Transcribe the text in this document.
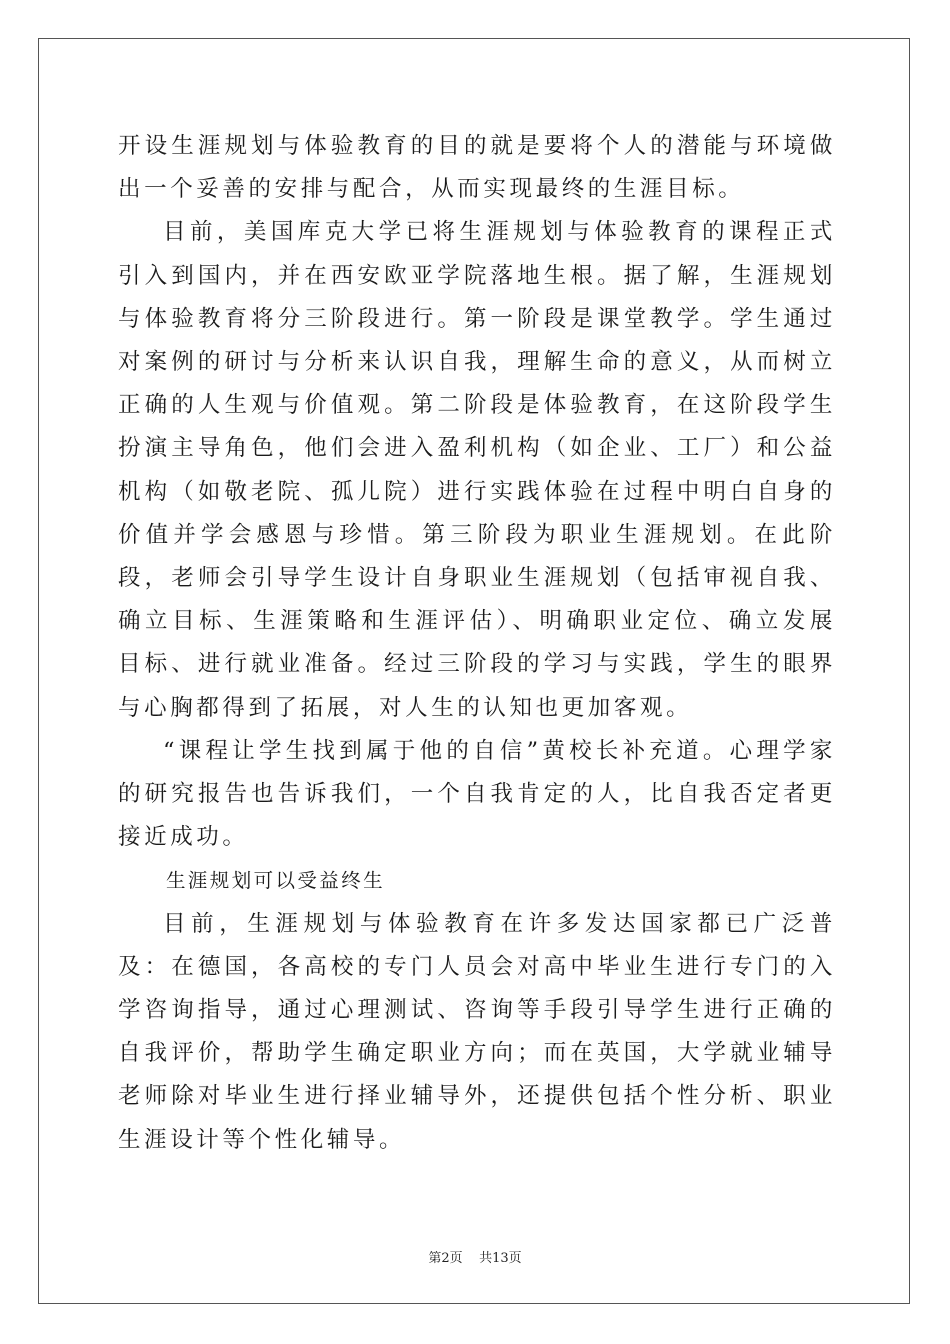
开设生涯规划与体验教育的目的就是要将个人的潜能与环境做出一个妥善的安排与配合，从而实现最终的生涯目标。

目前，美国库克大学已将生涯规划与体验教育的课程正式引入到国内，并在西安欧亚学院落地生根。据了解，生涯规划与体验教育将分三阶段进行。第一阶段是课堂教学。学生通过对案例的研讨与分析来认识自我，理解生命的意义，从而树立正确的人生观与价值观。第二阶段是体验教育，在这阶段学生扮演主导角色，他们会进入盈利机构（如企业、工厂）和公益机构（如敬老院、孤儿院）进行实践体验在过程中明白自身的价值并学会感恩与珍惜。第三阶段为职业生涯规划。在此阶段，老师会引导学生设计自身职业生涯规划（包括审视自我、确立目标、生涯策略和生涯评估）、明确职业定位、确立发展目标、进行就业准备。经过三阶段的学习与实践，学生的眼界与心胸都得到了拓展，对人生的认知也更加客观。

“课程让学生找到属于他的自信”黄校长补充道。心理学家的研究报告也告诉我们，一个自我肯定的人，比自我否定者更接近成功。

生涯规划可以受益终生

目前，生涯规划与体验教育在许多发达国家都已广泛普及：在德国，各高校的专门人员会对高中毕业生进行专门的入学咨询指导，通过心理测试、咨询等手段引导学生进行正确的自我评价，帮助学生确定职业方向；而在英国，大学就业辅导老师除对毕业生进行择业辅导外，还提供包括个性分析、职业生涯设计等个性化辅导。

第2页 共13页
